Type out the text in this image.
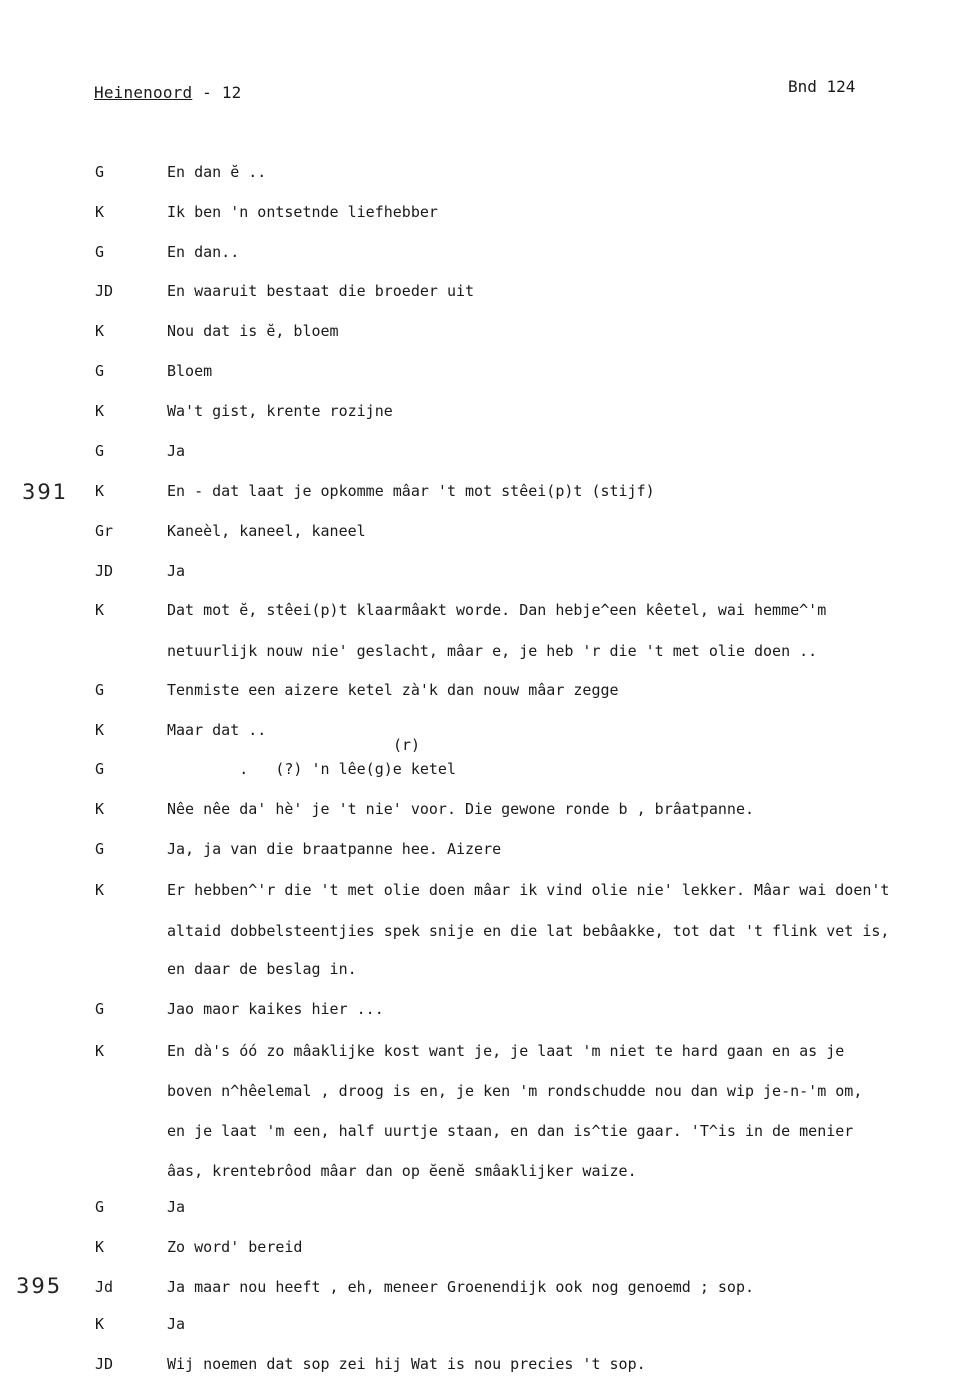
Heinenoord - 12	Bnd 124
391
395
(r)
G	En dan ĕ ..
K	Ik ben 'n ontsetnde liefhebber
G	En dan..
JD	En waaruit bestaat die broeder uit
K	Nou dat is ĕ, bloem
G	Bloem
K	Wa't gist, krente rozijne
G	Ja
K	En - dat laat je opkomme mâar 't mot stêei(p)t (stijf)
Gr	Kaneèl, kaneel, kaneel
JD	Ja
K	Dat mot ĕ, stêei(p)t klaarmâakt worde. Dan hebje^een kêetel, wai hemme^'m
netuurlijk nouw nie' geslacht, mâar e, je heb 'r die 't met olie doen ..
G	Tenmiste een aizere ketel zà'k dan nouw mâar zegge
K	Maar dat ..
G	.   (?) 'n lêe(g)e ketel
K	Nêe nêe da' hè' je 't nie' voor. Die gewone ronde b , brâatpanne.
G	Ja, ja van die braatpanne hee. Aizere
K	Er hebben^'r die 't met olie doen mâar ik vind olie nie' lekker. Mâar wai doen't
altaid dobbelsteentjies spek snije en die lat bebâakke, tot dat 't flink vet is,
en daar de beslag in.
G	Jao maor kaikes hier ...
K	En dà's óó zo mâaklijke kost want je, je laat 'm niet te hard gaan en as je
boven n^hêelemal , droog is en, je ken 'm rondschudde nou dan wip je-n-'m om,
en je laat 'm een, half uurtje staan, en dan is^tie gaar. 'T^is in de menier
âas, krentebrôod mâar dan op ĕenĕ smâaklijker waize.
G	Ja
K	Zo word' bereid
Jd	Ja maar nou heeft , eh, meneer Groenendijk ook nog genoemd ; sop.
K	Ja
JD	Wij noemen dat sop zei hij Wat is nou precies 't sop.
